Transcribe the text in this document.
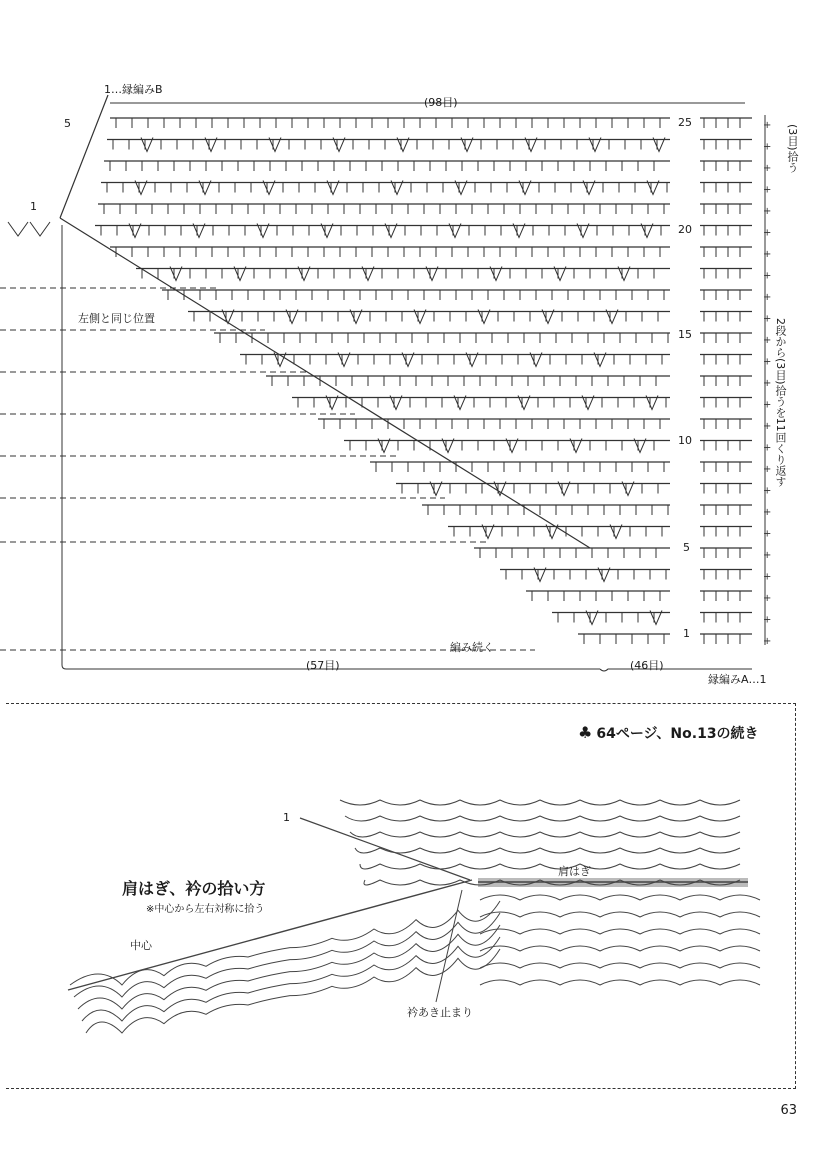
+
+
+
+
+
+
+
+
+
+
+
+
+
+
+
+
+
+
+
+
+
+
+
+
+
(98目)
1…縁編みB
5
1
左側と同じ位置
25
20
15
10
5
1
(3目)拾う
2段から(3目)拾うを11回くり返す
編み続く
(57目)	(46目)
縁編みA…1
♣ 64ページ、No.13の続き
肩はぎ、衿の拾い方
※中心から左右対称に拾う
中心
肩はぎ
衿あき止まり
1
63
